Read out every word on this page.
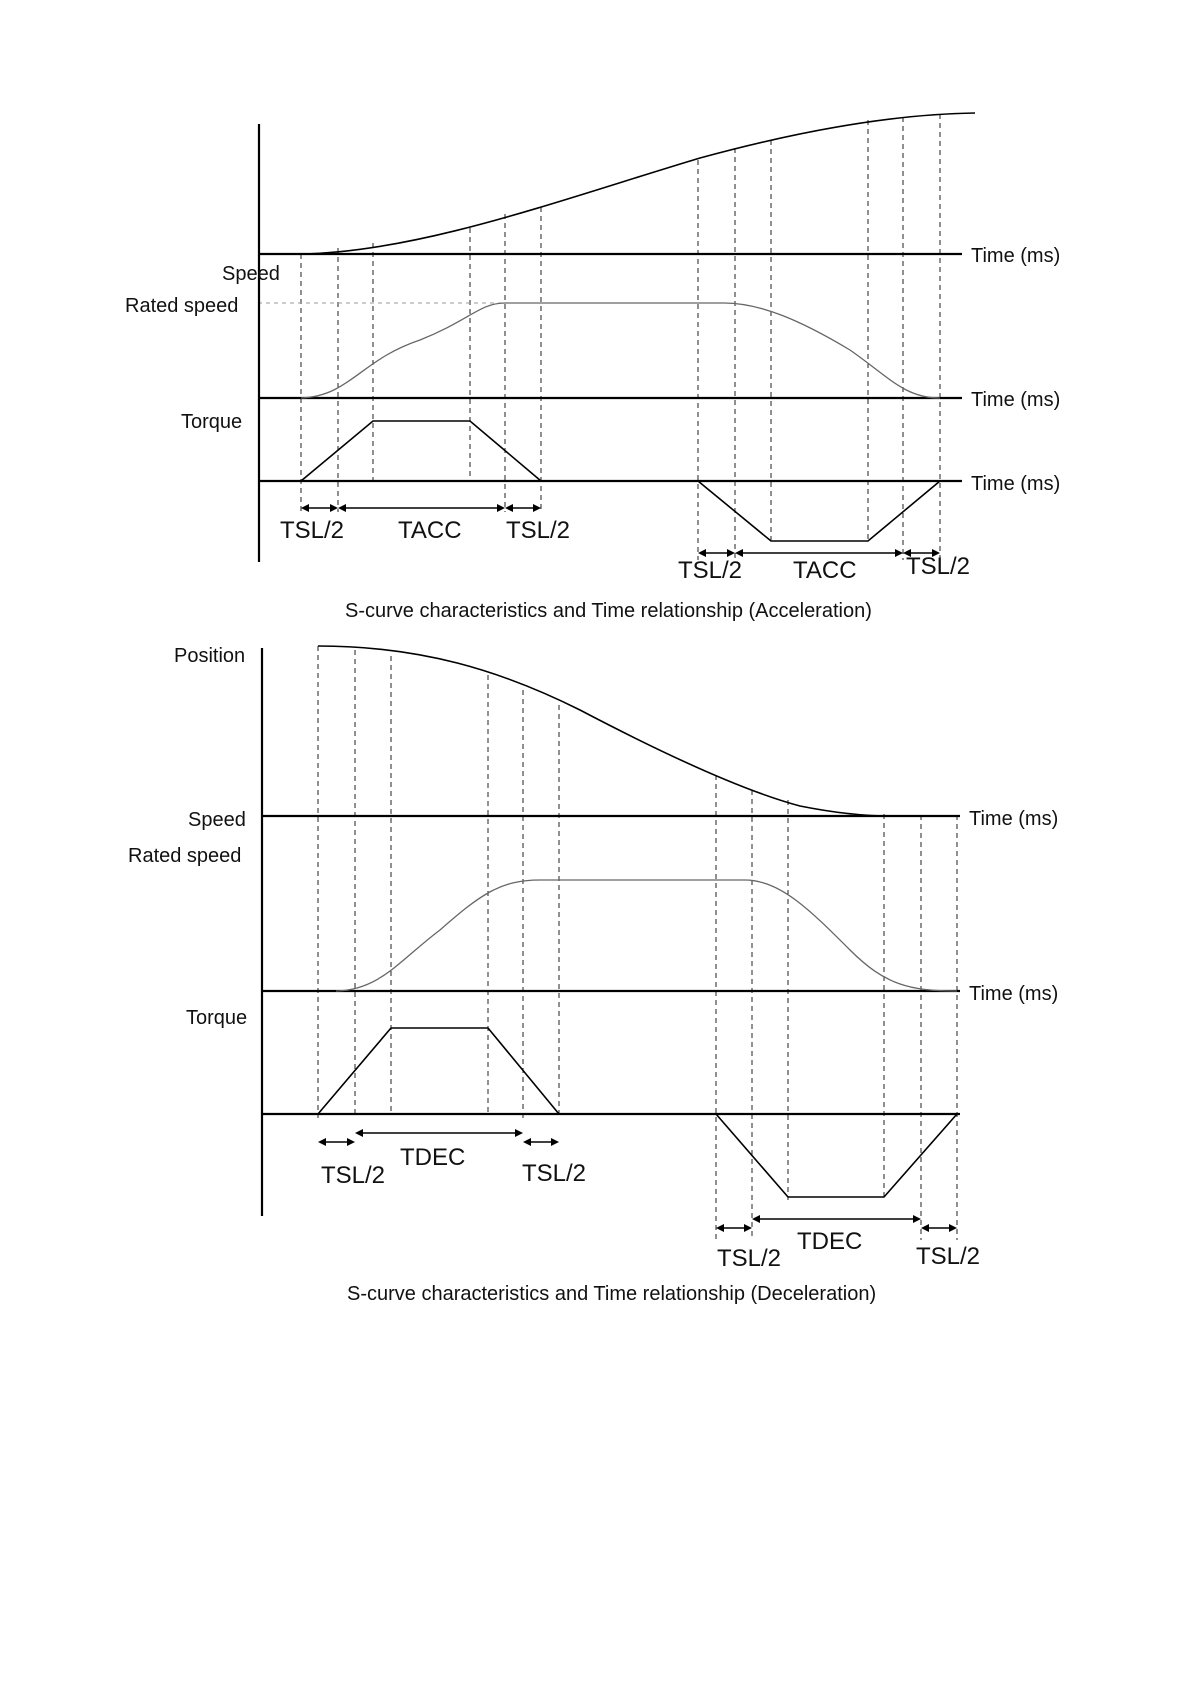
Speed
Rated speed
Torque
Time (ms)
Time (ms)
Time (ms)
TSL/2 TACC TSL/2
TSL/2 TACC TSL/2
S-curve characteristics and Time relationship (Acceleration)
Position
Speed
Rated speed
Torque
Time (ms)
Time (ms)
TSL/2
TDEC
TSL/2
TSL/2
TDEC
TSL/2
S-curve characteristics and Time relationship (Deceleration)
